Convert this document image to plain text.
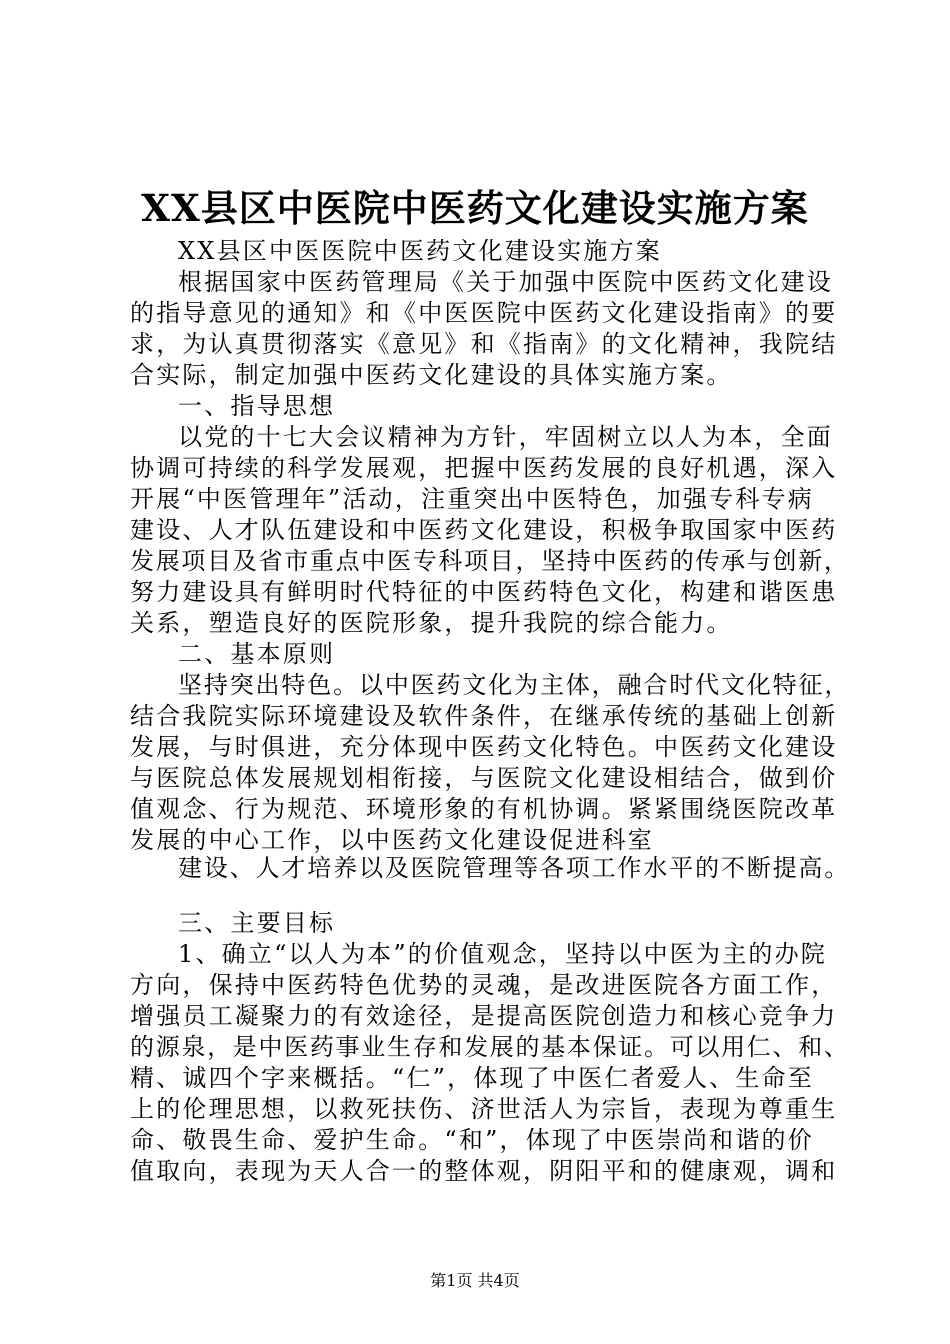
XX县区中医院中医药文化建设实施方案
XX县区中医医院中医药文化建设实施方案
根据国家中医药管理局《关于加强中医院中医药文化建设
的指导意见的通知》和《中医医院中医药文化建设指南》的要
求，为认真贯彻落实《意见》和《指南》的文化精神，我院结
合实际，制定加强中医药文化建设的具体实施方案。
一、指导思想
以党的十七大会议精神为方针，牢固树立以人为本，全面
协调可持续的科学发展观，把握中医药发展的良好机遇，深入
开展“中医管理年”活动，注重突出中医特色，加强专科专病
建设、人才队伍建设和中医药文化建设，积极争取国家中医药
发展项目及省市重点中医专科项目，坚持中医药的传承与创新，
努力建设具有鲜明时代特征的中医药特色文化，构建和谐医患
关系，塑造良好的医院形象，提升我院的综合能力。
二、基本原则
坚持突出特色。以中医药文化为主体，融合时代文化特征，
结合我院实际环境建设及软件条件，在继承传统的基础上创新
发展，与时俱进，充分体现中医药文化特色。中医药文化建设
与医院总体发展规划相衔接，与医院文化建设相结合，做到价
值观念、行为规范、环境形象的有机协调。紧紧围绕医院改革
发展的中心工作，以中医药文化建设促进科室
建设、人才培养以及医院管理等各项工作水平的不断提高。
三、主要目标
1、确立“以人为本”的价值观念，坚持以中医为主的办院
方向，保持中医药特色优势的灵魂，是改进医院各方面工作，
增强员工凝聚力的有效途径，是提高医院创造力和核心竞争力
的源泉，是中医药事业生存和发展的基本保证。可以用仁、和、
精、诚四个字来概括。“仁”，体现了中医仁者爱人、生命至
上的伦理思想，以救死扶伤、济世活人为宗旨，表现为尊重生
命、敬畏生命、爱护生命。“和”，体现了中医崇尚和谐的价
值取向，表现为天人合一的整体观，阴阳平和的健康观，调和
第1页 共4页
